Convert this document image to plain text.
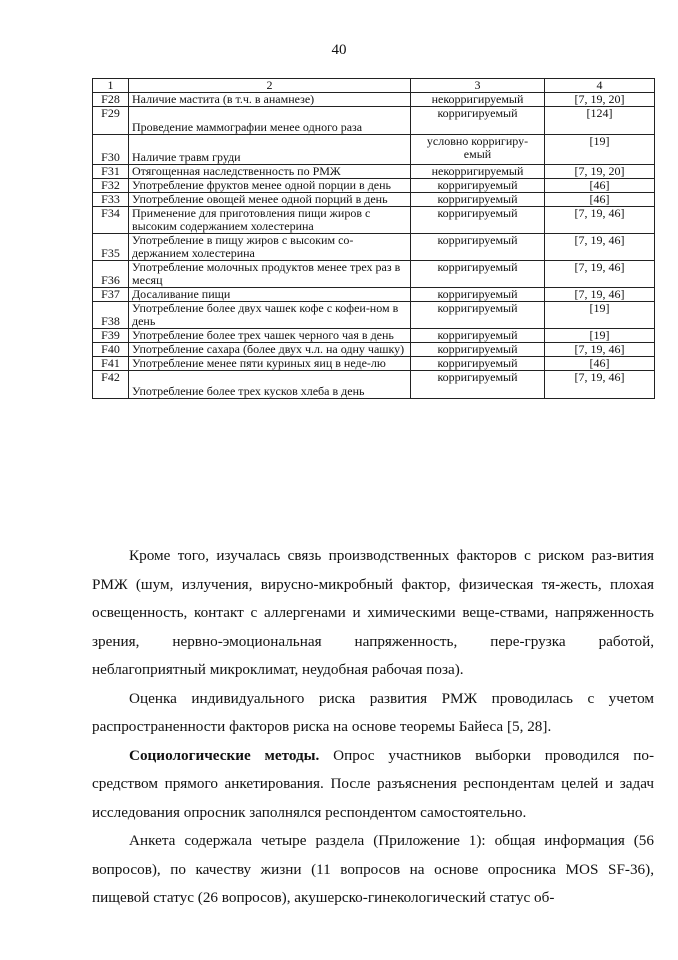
40
1	2	3	4
F28	Наличие мастита (в т.ч. в анамнезе)	некорригируемый	[7, 19, 20]
F29	Проведение маммографии менее одного раза	корригируемый	[124]
F30	Наличие травм груди	условно корригиру-емый	[19]
F31	Отягощенная наследственность по РМЖ	некорригируемый	[7, 19, 20]
F32	Употребление фруктов менее одной порции в день	корригируемый	[46]
F33	Употребление овощей менее одной порций в день	корригируемый	[46]
F34	Применение для приготовления пищи жиров с высоким содержанием холестерина	корригируемый	[7, 19, 46]
F35	Употребление в пищу жиров с высоким со-держанием холестерина	корригируемый	[7, 19, 46]
F36	Употребление молочных продуктов менее трех раз в месяц	корригируемый	[7, 19, 46]
F37	Досаливание пищи	корригируемый	[7, 19, 46]
F38	Употребление более двух чашек кофе с кофеи-ном в день	корригируемый	[19]
F39	Употребление более трех чашек черного чая в день	корригируемый	[19]
F40	Употребление сахара (более двух ч.л. на одну чашку)	корригируемый	[7, 19, 46]
F41	Употребление менее пяти куриных яиц в неде-лю	корригируемый	[46]
F42	Употребление более трех кусков хлеба в день	корригируемый	[7, 19, 46]

Кроме того, изучалась связь производственных факторов с риском раз-вития РМЖ (шум, излучения, вирусно-микробный фактор, физическая тя-жесть, плохая освещенность, контакт с аллергенами и химическими веще-ствами, напряженность зрения, нервно-эмоциональная напряженность, пере-грузка работой, неблагоприятный микроклимат, неудобная рабочая поза).

Оценка индивидуального риска развития РМЖ проводилась с учетом распространенности факторов риска на основе теоремы Байеса [5, 28].

Социологические методы. Опрос участников выборки проводился по-средством прямого анкетирования. После разъяснения респондентам целей и задач исследования опросник заполнялся респондентом самостоятельно.

Анкета содержала четыре раздела (Приложение 1): общая информация (56 вопросов), по качеству жизни (11 вопросов на основе опросника MOS SF-36), пищевой статус (26 вопросов), акушерско-гинекологический статус об-
